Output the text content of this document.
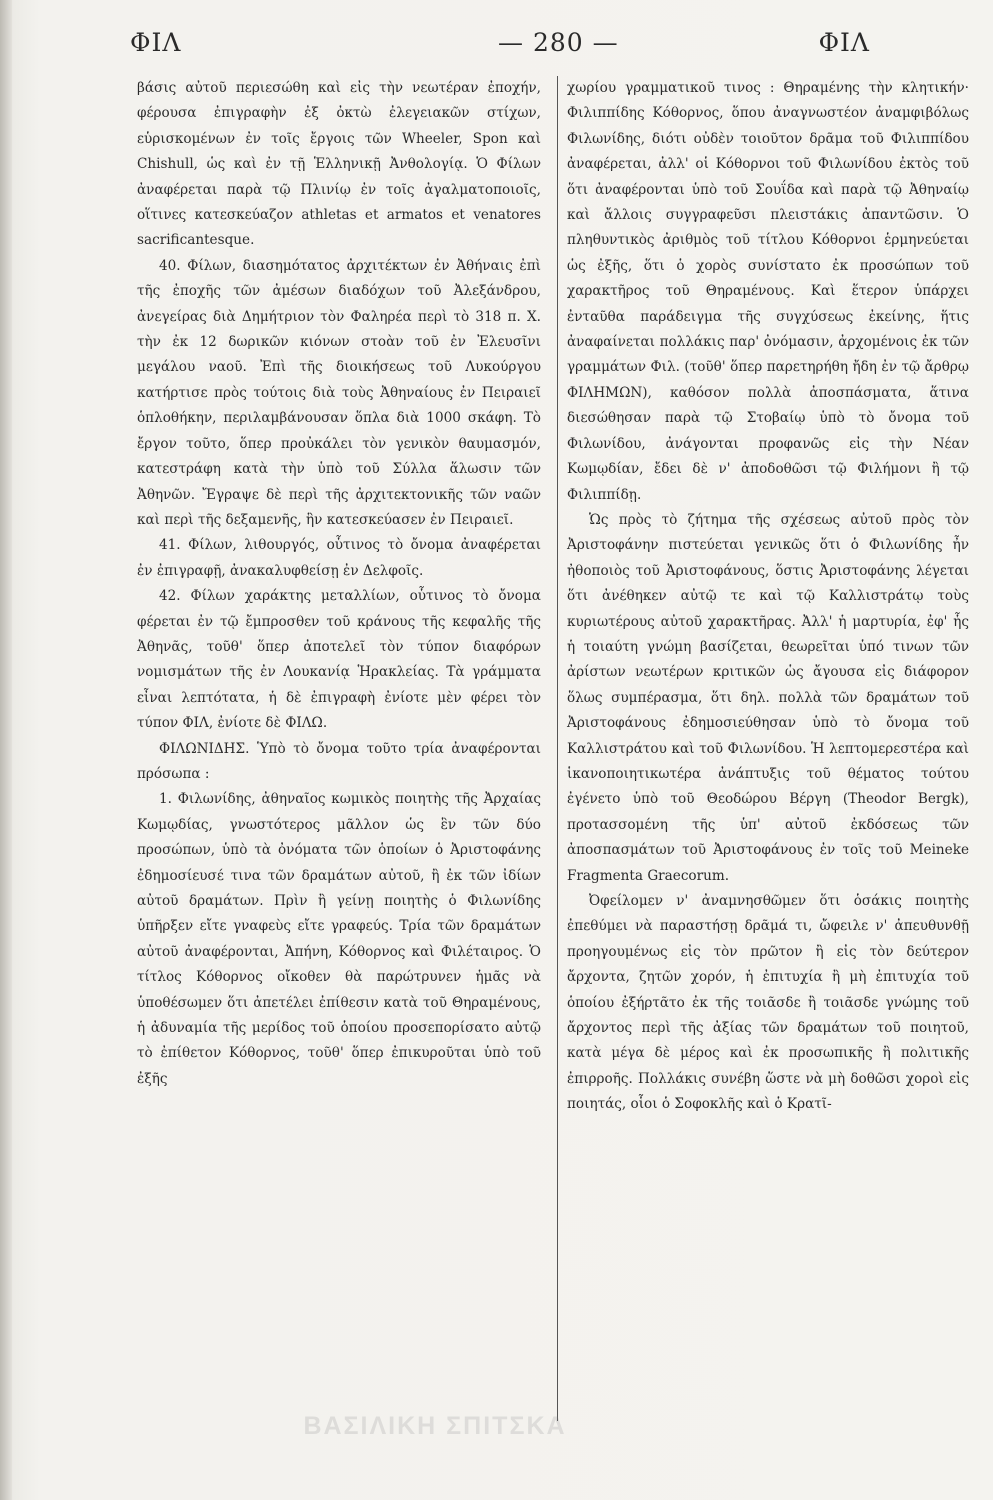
ΦΙΛ	— 280 —	ΦΙΛ

βάσις αὐτοῦ περιεσώθη καὶ εἰς τὴν νεωτέραν ἐποχήν, φέρουσα ἐπιγραφὴν ἐξ ὀκτὼ ἐλεγειακῶν στίχων, εὑρισκομένων ἐν τοῖς ἔργοις τῶν Wheeler, Spon καὶ Chishull, ὡς καὶ ἐν τῇ Ἑλληνικῇ Ἀνθολογίᾳ. Ὁ Φίλων ἀναφέρεται παρὰ τῷ Πλινίῳ ἐν τοῖς ἀγαλματοποιοῖς, οἵτινες κατεσκεύαζον athletas et armatos et venatores sacrificantesque.

40. Φίλων, διασημότατος ἀρχιτέκτων ἐν Ἀθήναις ἐπὶ τῆς ἐποχῆς τῶν ἀμέσων διαδόχων τοῦ Ἀλεξάνδρου, ἀνεγείρας διὰ Δημήτριον τὸν Φαληρέα περὶ τὸ 318 π. Χ. τὴν ἐκ 12 δωρικῶν κιόνων στοὰν τοῦ ἐν Ἐλευσῖνι μεγάλου ναοῦ. Ἐπὶ τῆς διοικήσεως τοῦ Λυκούργου κατήρτισε πρὸς τούτοις διὰ τοὺς Ἀθηναίους ἐν Πειραιεῖ ὁπλοθήκην, περιλαμβάνουσαν ὅπλα διὰ 1000 σκάφη. Τὸ ἔργον τοῦτο, ὅπερ προὐκάλει τὸν γενικὸν θαυμασμόν, κατεστράφη κατὰ τὴν ὑπὸ τοῦ Σύλλα ἅλωσιν τῶν Ἀθηνῶν. Ἔγραψε δὲ περὶ τῆς ἀρχιτεκτονικῆς τῶν ναῶν καὶ περὶ τῆς δεξαμενῆς, ἣν κατεσκεύασεν ἐν Πειραιεῖ.

41. Φίλων, λιθουργός, οὗτινος τὸ ὄνομα ἀναφέρεται ἐν ἐπιγραφῇ, ἀνακαλυφθείσῃ ἐν Δελφοῖς.

42. Φίλων χαράκτης μεταλλίων, οὗτινος τὸ ὄνομα φέρεται ἐν τῷ ἔμπροσθεν τοῦ κράνους τῆς κεφαλῆς τῆς Ἀθηνᾶς, τοῦθ' ὅπερ ἀποτελεῖ τὸν τύπον διαφόρων νομισμάτων τῆς ἐν Λουκανίᾳ Ἡρακλείας. Τὰ γράμματα εἶναι λεπτότατα, ἡ δὲ ἐπιγραφὴ ἐνίοτε μὲν φέρει τὸν τύπον ΦΙΛ, ἐνίοτε δὲ ΦΙΛΩ.

ΦΙΛΩΝΙΔΗΣ. Ὑπὸ τὸ ὄνομα τοῦτο τρία ἀναφέρονται πρόσωπα :

1. Φιλωνίδης, ἀθηναῖος κωμικὸς ποιητὴς τῆς Ἀρχαίας Κωμῳδίας, γνωστότερος μᾶλλον ὡς ἓν τῶν δύο προσώπων, ὑπὸ τὰ ὀνόματα τῶν ὁποίων ὁ Ἀριστοφάνης ἐδημοσίευσέ τινα τῶν δραμάτων αὐτοῦ, ἢ ἐκ τῶν ἰδίων αὐτοῦ δραμάτων. Πρὶν ἢ γείνῃ ποιητὴς ὁ Φιλωνίδης ὑπῆρξεν εἴτε γναφεὺς εἴτε γραφεύς. Τρία τῶν δραμάτων αὐτοῦ ἀναφέρονται, Ἀπήνη, Κόθορνος καὶ Φιλέταιρος. Ὁ τίτλος Κόθορνος οἴκοθεν θὰ παρώτρυνεν ἡμᾶς νὰ ὑποθέσωμεν ὅτι ἀπετέλει ἐπίθεσιν κατὰ τοῦ Θηραμένους, ἡ ἀδυναμία τῆς μερίδος τοῦ ὁποίου προσεπορίσατο αὐτῷ τὸ ἐπίθετον Κόθορνος, τοῦθ' ὅπερ ἐπικυροῦται ὑπὸ τοῦ ἐξῆς

χωρίου γραμματικοῦ τινος : Θηραμένης τὴν κλητικήν· Φιλιππίδης Κόθορνος, ὅπου ἀναγνωστέον ἀναμφιβόλως Φιλωνίδης, διότι οὐδὲν τοιοῦτον δρᾶμα τοῦ Φιλιππίδου ἀναφέρεται, ἀλλ' οἱ Κόθορνοι τοῦ Φιλωνίδου ἐκτὸς τοῦ ὅτι ἀναφέρονται ὑπὸ τοῦ Σουΐδα καὶ παρὰ τῷ Ἀθηναίῳ καὶ ἄλλοις συγγραφεῦσι πλειστάκις ἀπαντῶσιν. Ὁ πληθυντικὸς ἀριθμὸς τοῦ τίτλου Κόθορνοι ἑρμηνεύεται ὡς ἐξῆς, ὅτι ὁ χορὸς συνίστατο ἐκ προσώπων τοῦ χαρακτῆρος τοῦ Θηραμένους. Καὶ ἕτερον ὑπάρχει ἐνταῦθα παράδειγμα τῆς συγχύσεως ἐκείνης, ἥτις ἀναφαίνεται πολλάκις παρ' ὀνόμασιν, ἀρχομένοις ἐκ τῶν γραμμάτων Φιλ. (τοῦθ' ὅπερ παρετηρήθη ἤδη ἐν τῷ ἄρθρῳ ΦΙΛΗΜΩΝ), καθόσον πολλὰ ἀποσπάσματα, ἅτινα διεσώθησαν παρὰ τῷ Στοβαίῳ ὑπὸ τὸ ὄνομα τοῦ Φιλωνίδου, ἀνάγονται προφανῶς εἰς τὴν Νέαν Κωμῳδίαν, ἔδει δὲ ν' ἀποδοθῶσι τῷ Φιλήμονι ἢ τῷ Φιλιππίδῃ.

Ὡς πρὸς τὸ ζήτημα τῆς σχέσεως αὐτοῦ πρὸς τὸν Ἀριστοφάνην πιστεύεται γενικῶς ὅτι ὁ Φιλωνίδης ἦν ἠθοποιὸς τοῦ Ἀριστοφάνους, ὅστις Ἀριστοφάνης λέγεται ὅτι ἀνέθηκεν αὐτῷ τε καὶ τῷ Καλλιστράτῳ τοὺς κυριωτέρους αὐτοῦ χαρακτῆρας. Ἀλλ' ἡ μαρτυρία, ἐφ' ἧς ἡ τοιαύτη γνώμη βασίζεται, θεωρεῖται ὑπό τινων τῶν ἀρίστων νεωτέρων κριτικῶν ὡς ἄγουσα εἰς διάφορον ὅλως συμπέρασμα, ὅτι δηλ. πολλὰ τῶν δραμάτων τοῦ Ἀριστοφάνους ἐδημοσιεύθησαν ὑπὸ τὸ ὄνομα τοῦ Καλλιστράτου καὶ τοῦ Φιλωνίδου. Ἡ λεπτομερεστέρα καὶ ἱκανοποιητικωτέρα ἀνάπτυξις τοῦ θέματος τούτου ἐγένετο ὑπὸ τοῦ Θεοδώρου Βέργη (Theodor Bergk), προτασσομένη τῆς ὑπ' αὐτοῦ ἐκδόσεως τῶν ἀποσπασμάτων τοῦ Ἀριστοφάνους ἐν τοῖς τοῦ Meineke Fragmenta Graecorum.

Ὀφείλομεν ν' ἀναμνησθῶμεν ὅτι ὁσάκις ποιητὴς ἐπεθύμει νὰ παραστήσῃ δρᾶμά τι, ὤφειλε ν' ἀπευθυνθῇ προηγουμένως εἰς τὸν πρῶτον ἢ εἰς τὸν δεύτερον ἄρχοντα, ζητῶν χορόν, ἡ ἐπιτυχία ἢ μὴ ἐπιτυχία τοῦ ὁποίου ἐξήρτᾶτο ἐκ τῆς τοιᾶσδε ἢ τοιᾶσδε γνώμης τοῦ ἄρχοντος περὶ τῆς ἀξίας τῶν δραμάτων τοῦ ποιητοῦ, κατὰ μέγα δὲ μέρος καὶ ἐκ προσωπικῆς ἢ πολιτικῆς ἐπιρροῆς. Πολλάκις συνέβη ὥστε νὰ μὴ δοθῶσι χοροὶ εἰς ποιητάς, οἷοι ὁ Σοφοκλῆς καὶ ὁ Κρατῖ-

ΒΑΣΙΛΙΚΗ ΣΠΙΤΣΚΑ
